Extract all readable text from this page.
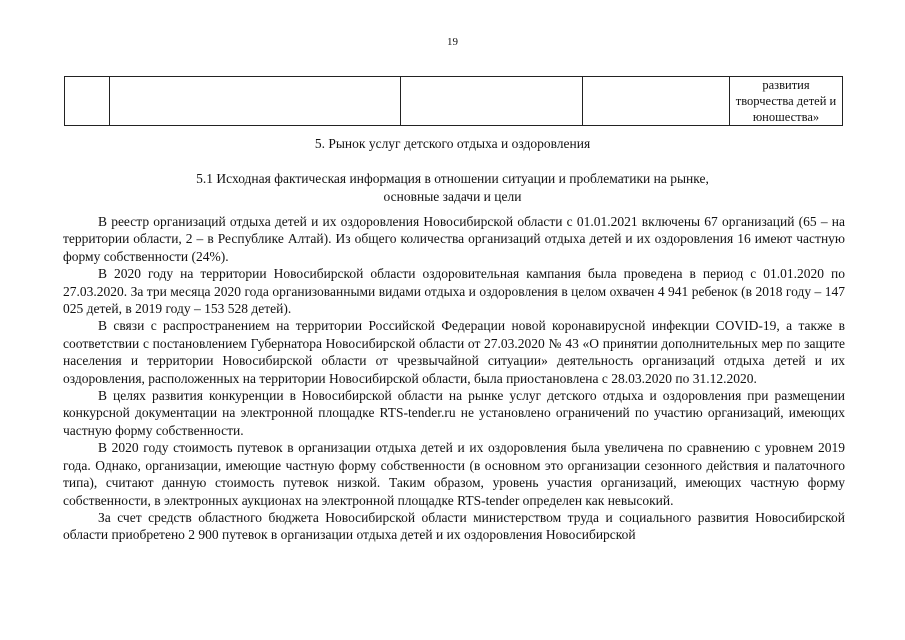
19
				развития творчества детей и юношества»
5. Рынок услуг детского отдыха и оздоровления
5.1 Исходная фактическая информация в отношении ситуации и проблематики на рынке,
основные задачи и цели

В реестр организаций отдыха детей и их оздоровления Новосибирской области с 01.01.2021 включены 67 организаций (65 – на территории области, 2 – в Республике Алтай). Из общего количества организаций отдыха детей и их оздоровления 16 имеют частную форму собственности (24%).

В 2020 году на территории Новосибирской области оздоровительная кампания была проведена в период с 01.01.2020 по 27.03.2020. За три месяца 2020 года организованными видами отдыха и оздоровления в целом охвачен 4 941 ребенок (в 2018 году – 147 025 детей, в 2019 году – 153 528 детей).

В связи с распространением на территории Российской Федерации новой коронавирусной инфекции COVID-19, а также в соответствии с постановлением Губернатора Новосибирской области от 27.03.2020 № 43 «О принятии дополнительных мер по защите населения и территории Новосибирской области от чрезвычайной ситуации» деятельность организаций отдыха детей и их оздоровления, расположенных на территории Новосибирской области, была приостановлена с 28.03.2020 по 31.12.2020.

В целях развития конкуренции в Новосибирской области на рынке услуг детского отдыха и оздоровления при размещении конкурсной документации на электронной площадке RTS-tender.ru не установлено ограничений по участию организаций, имеющих частную форму собственности.

В 2020 году стоимость путевок в организации отдыха детей и их оздоровления была увеличена по сравнению с уровнем 2019 года. Однако, организации, имеющие частную форму собственности (в основном это организации сезонного действия и палаточного типа), считают данную стоимость путевок низкой. Таким образом, уровень участия организаций, имеющих частную форму собственности, в электронных аукционах на электронной площадке RTS-tender определен как невысокий.

За счет средств областного бюджета Новосибирской области министерством труда и социального развития Новосибирской области приобретено 2 900 путевок в организации отдыха детей и их оздоровления Новосибирской
